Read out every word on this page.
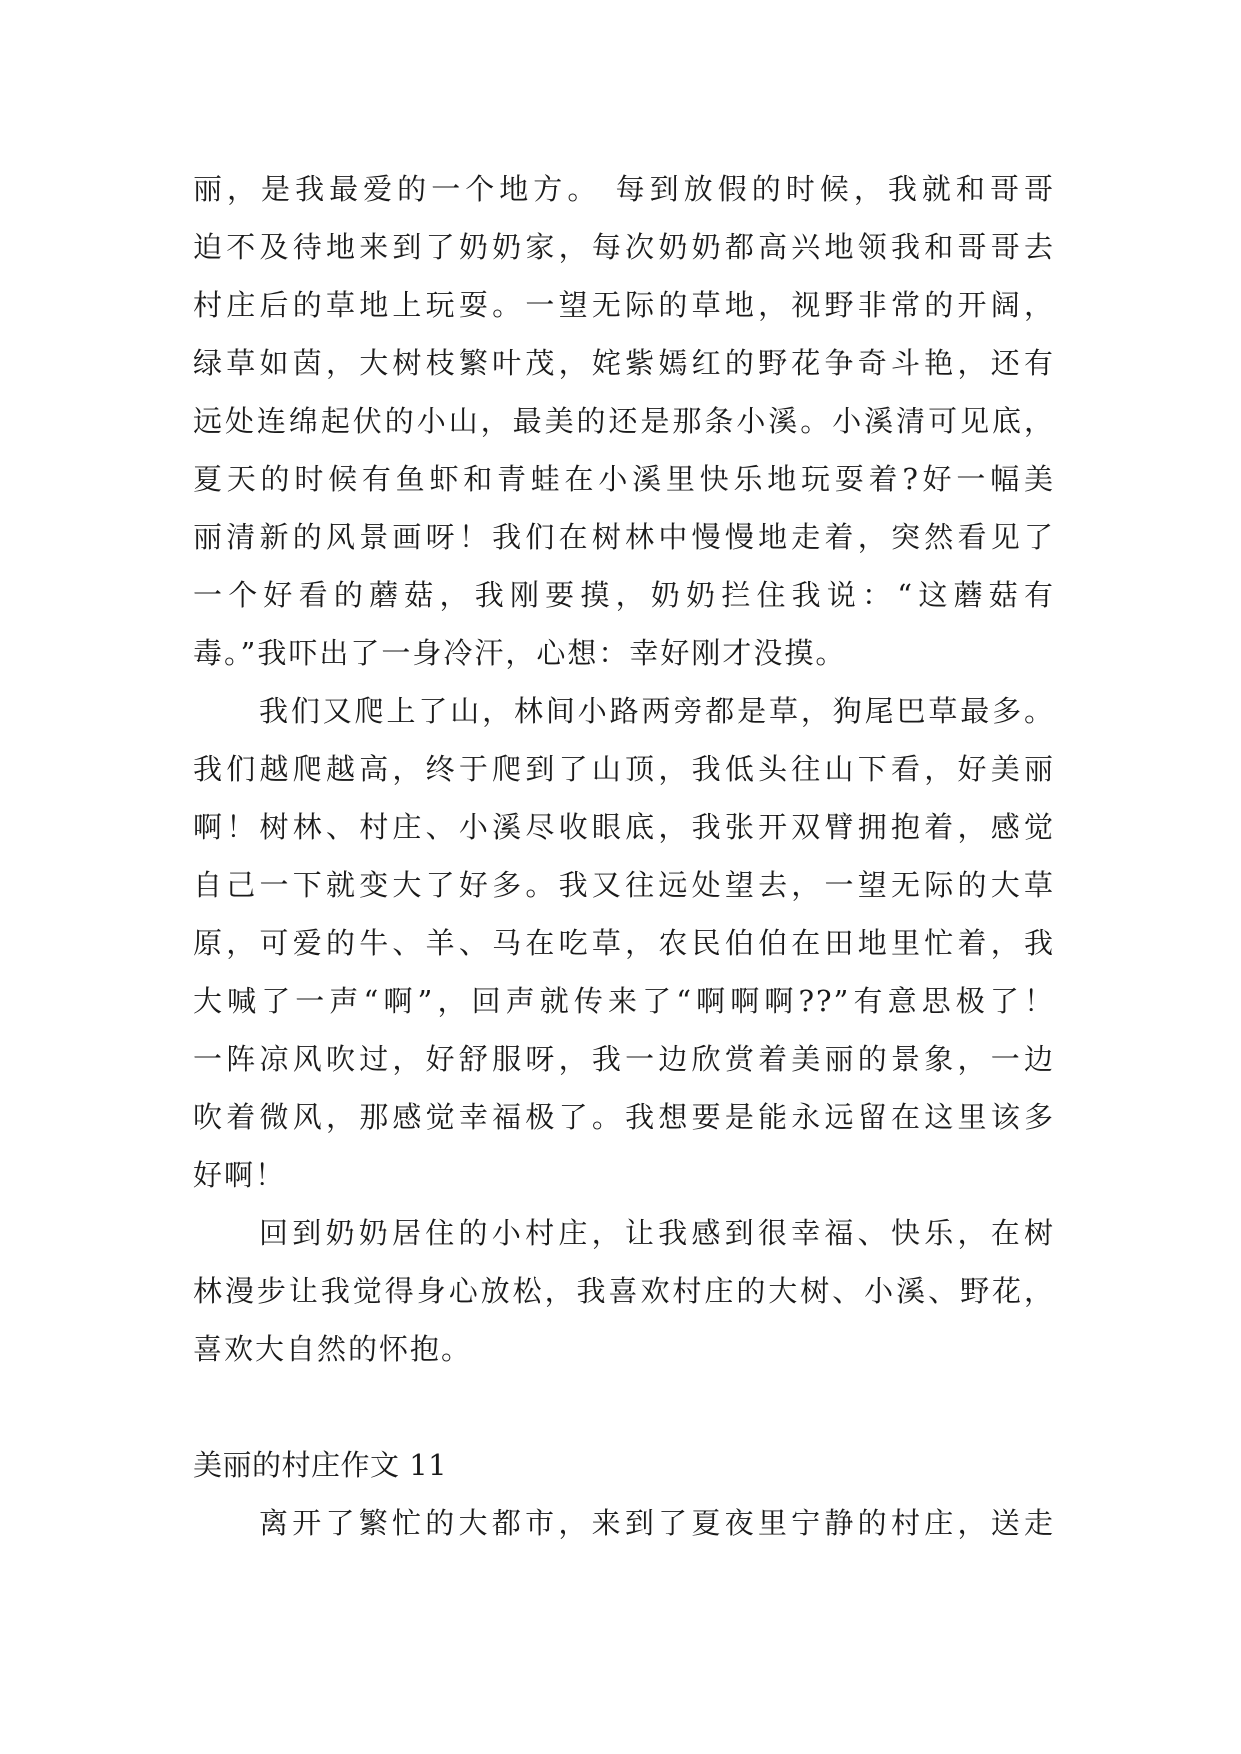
丽，是我最爱的一个地方。 每到放假的时候，我就和哥哥
迫不及待地来到了奶奶家，每次奶奶都高兴地领我和哥哥去
村庄后的草地上玩耍。一望无际的草地，视野非常的开阔，
绿草如茵，大树枝繁叶茂，姹紫嫣红的野花争奇斗艳，还有
远处连绵起伏的小山，最美的还是那条小溪。小溪清可见底，
夏天的时候有鱼虾和青蛙在小溪里快乐地玩耍着?好一幅美
丽清新的风景画呀！我们在树林中慢慢地走着，突然看见了
一个好看的蘑菇，我刚要摸，奶奶拦住我说：“这蘑菇有
毒。”我吓出了一身冷汗，心想：幸好刚才没摸。
我们又爬上了山，林间小路两旁都是草，狗尾巴草最多。
我们越爬越高，终于爬到了山顶，我低头往山下看，好美丽
啊！树林、村庄、小溪尽收眼底，我张开双臂拥抱着，感觉
自己一下就变大了好多。我又往远处望去，一望无际的大草
原，可爱的牛、羊、马在吃草，农民伯伯在田地里忙着，我
大喊了一声“啊”，回声就传来了“啊啊啊??”有意思极了！
一阵凉风吹过，好舒服呀，我一边欣赏着美丽的景象，一边
吹着微风，那感觉幸福极了。我想要是能永远留在这里该多
好啊！
回到奶奶居住的小村庄，让我感到很幸福、快乐，在树
林漫步让我觉得身心放松，我喜欢村庄的大树、小溪、野花，
喜欢大自然的怀抱。
美丽的村庄作文 11
离开了繁忙的大都市，来到了夏夜里宁静的村庄，送走
